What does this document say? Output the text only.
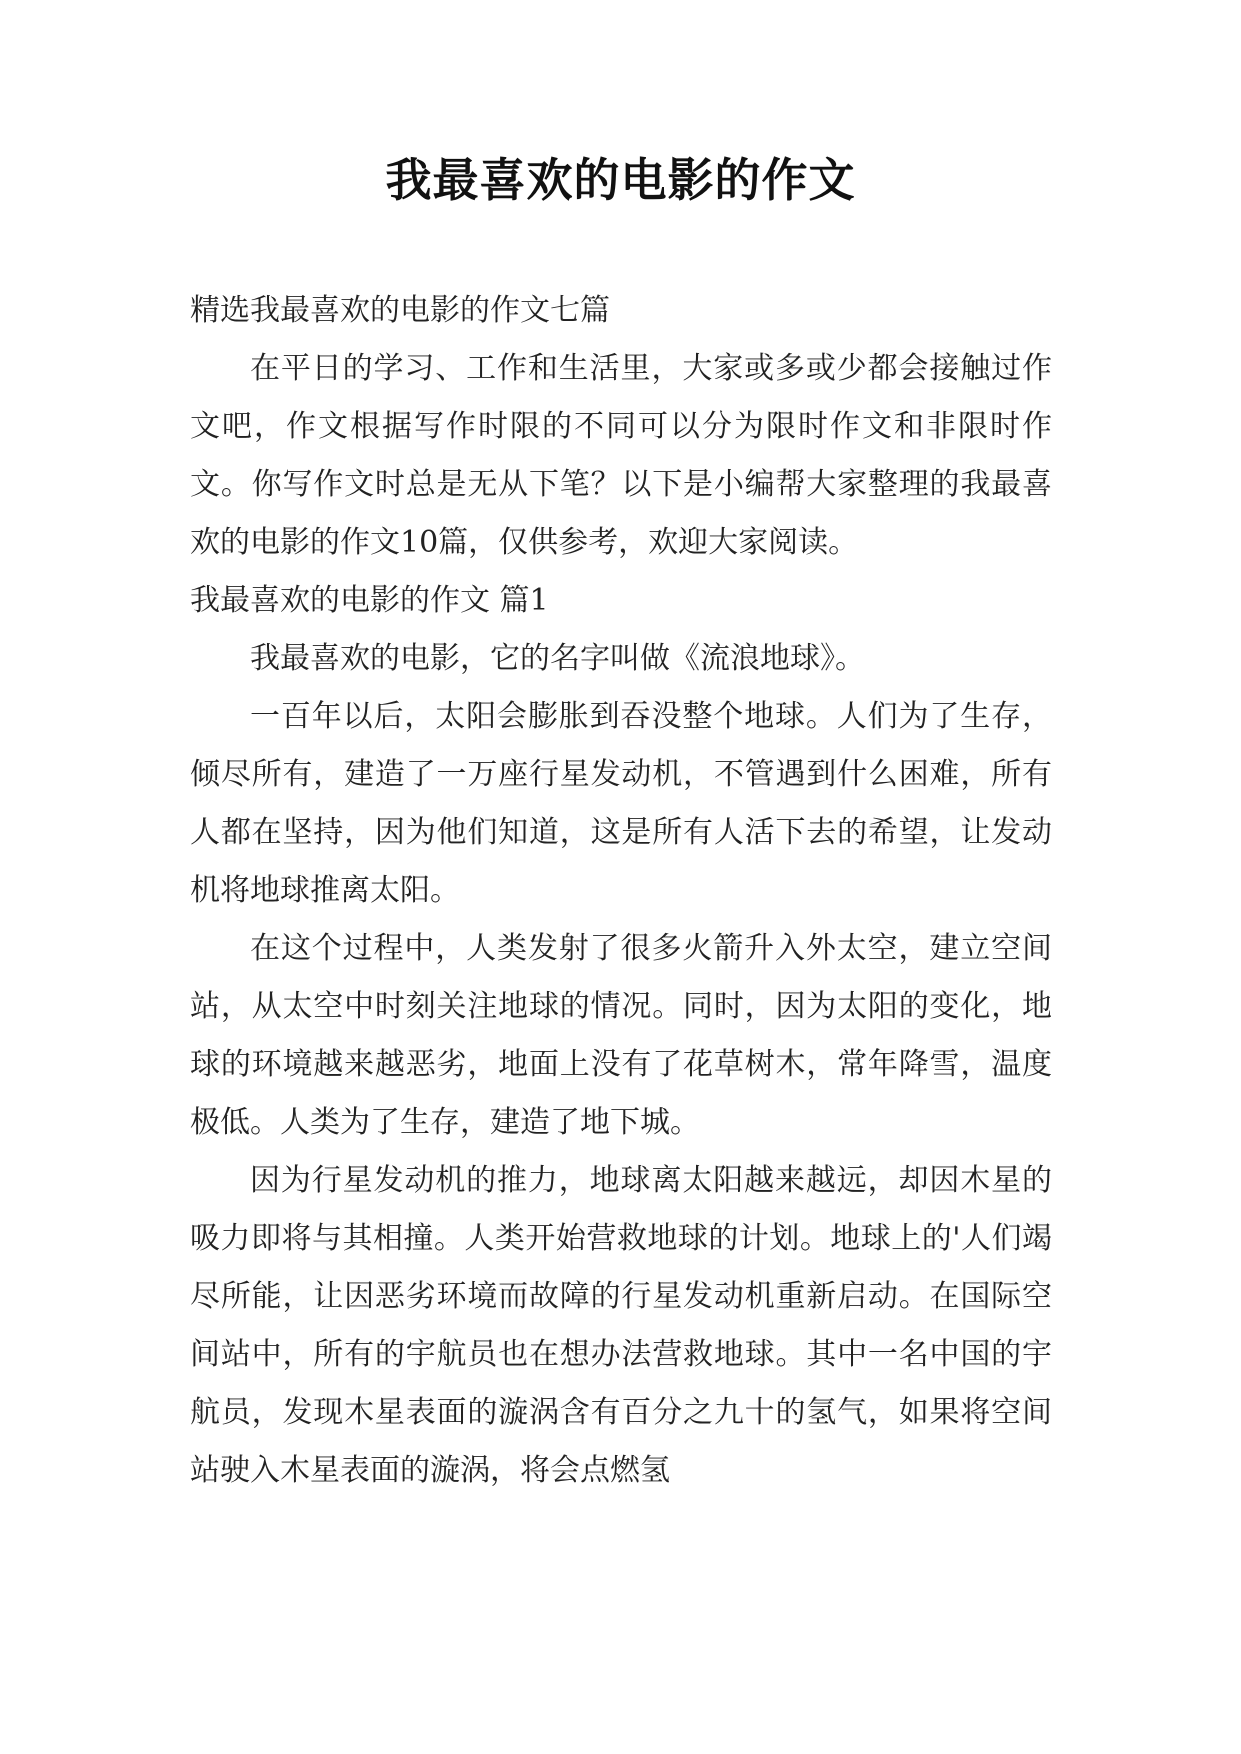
我最喜欢的电影的作文

精选我最喜欢的电影的作文七篇

在平日的学习、工作和生活里，大家或多或少都会接触过作文吧，作文根据写作时限的不同可以分为限时作文和非限时作文。你写作文时总是无从下笔？以下是小编帮大家整理的我最喜欢的电影的作文10篇，仅供参考，欢迎大家阅读。

我最喜欢的电影的作文 篇1

我最喜欢的电影，它的名字叫做《流浪地球》。

一百年以后，太阳会膨胀到吞没整个地球。人们为了生存，倾尽所有，建造了一万座行星发动机，不管遇到什么困难，所有人都在坚持，因为他们知道，这是所有人活下去的希望，让发动机将地球推离太阳。

在这个过程中，人类发射了很多火箭升入外太空，建立空间站，从太空中时刻关注地球的情况。同时，因为太阳的变化，地球的环境越来越恶劣，地面上没有了花草树木，常年降雪，温度极低。人类为了生存，建造了地下城。

因为行星发动机的推力，地球离太阳越来越远，却因木星的吸力即将与其相撞。人类开始营救地球的计划。地球上的'人们竭尽所能，让因恶劣环境而故障的行星发动机重新启动。在国际空间站中，所有的宇航员也在想办法营救地球。其中一名中国的宇航员，发现木星表面的漩涡含有百分之九十的氢气，如果将空间站驶入木星表面的漩涡，将会点燃氢
